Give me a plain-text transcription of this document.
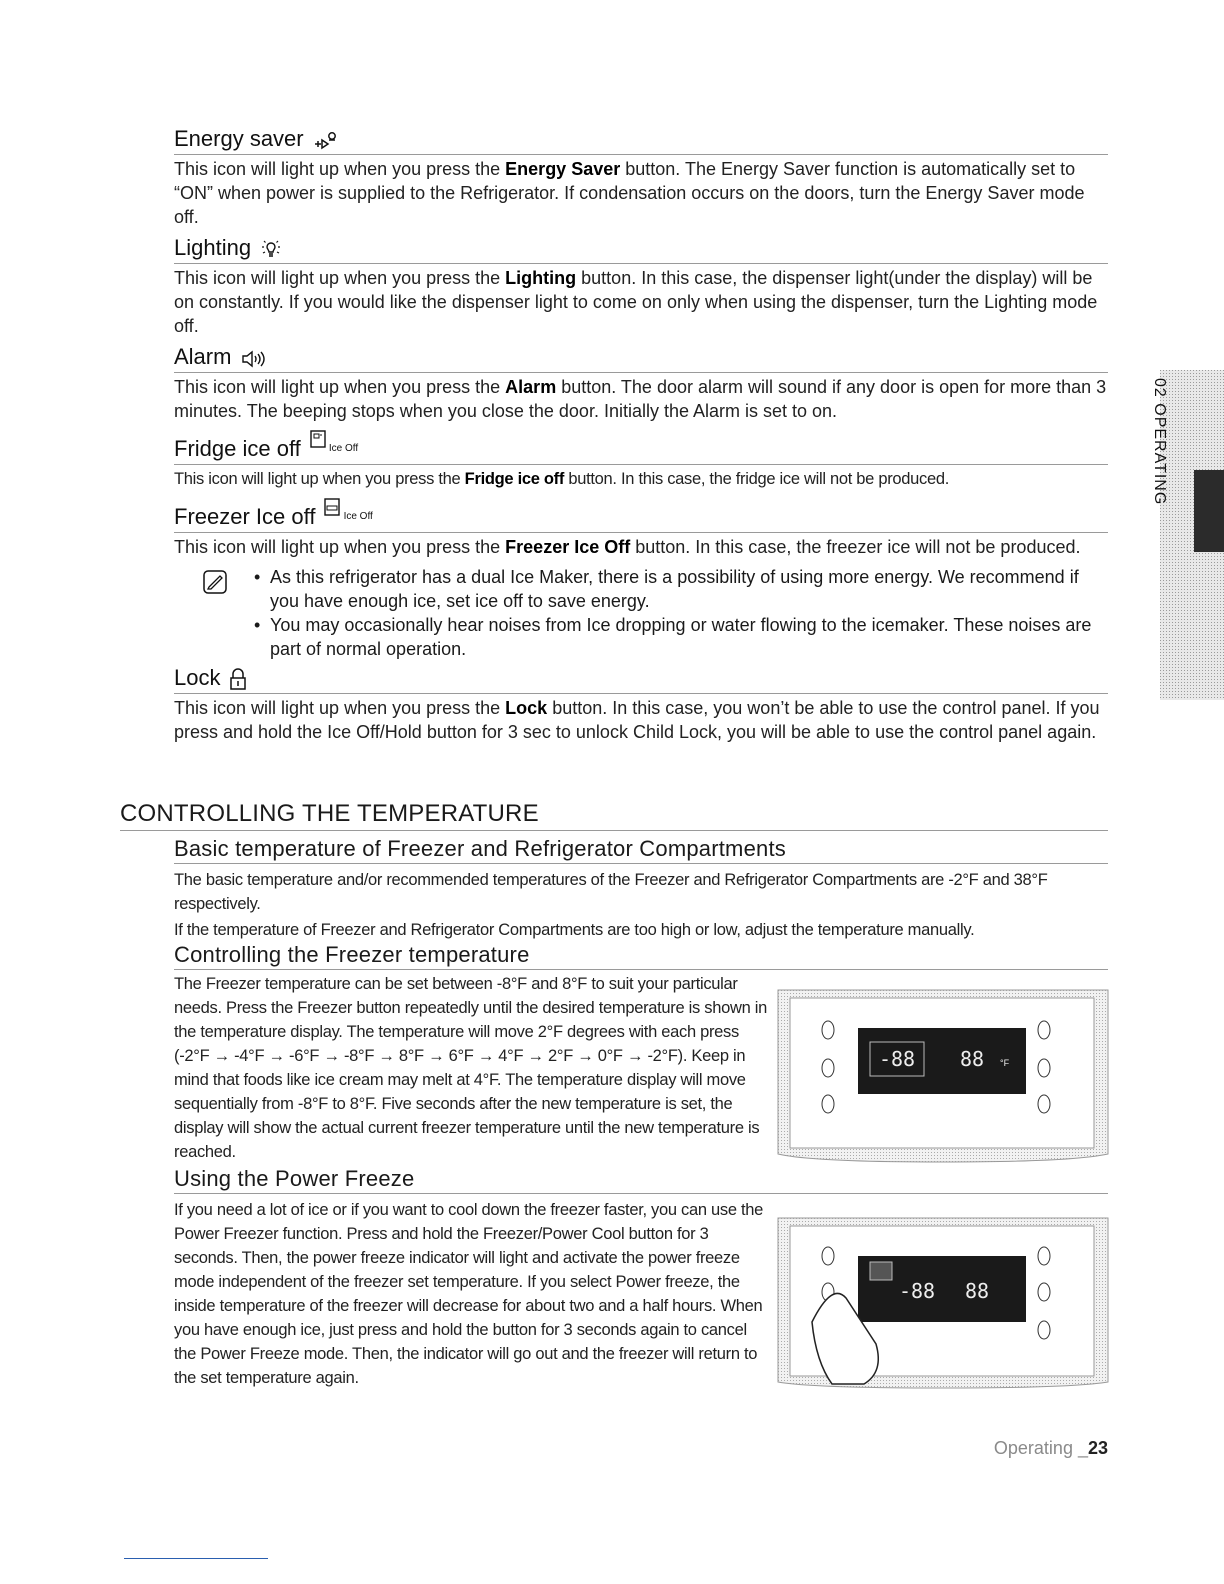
02 OPERATING
Energy saver

This icon will light up when you press the Energy Saver button. The Energy Saver function is automatically set to “ON” when power is supplied to the Refrigerator. If condensation occurs on the doors, turn the Energy Saver mode off.

Lighting

This icon will light up when you press the Lighting button. In this case, the dispenser light(under the display) will be on constantly. If you would like the dispenser light to come on only when using the dispenser, turn the Lighting mode off.

Alarm

This icon will light up when you press the Alarm button. The door alarm will sound if any door is open for more than 3 minutes. The beeping stops when you close the door. Initially the Alarm is set to on.

Fridge ice off	Ice Off

This icon will light up when you press the Fridge ice off button. In this case, the fridge ice will not be produced.

Freezer Ice off	Ice Off

This icon will light up when you press the Freezer Ice Off button. In this case, the freezer ice will not be produced.

• As this refrigerator has a dual Ice Maker, there is a possibility of using more energy. We recommend if you have enough ice, set ice off to save energy.
• You may occasionally hear noises from Ice dropping or water flowing to the icemaker. These noises are part of normal operation.
Lock

This icon will light up when you press the Lock button. In this case, you won’t be able to use the control panel. If you press and hold the Ice Off/Hold button for 3 sec to unlock Child Lock, you will be able to use the control panel again.

CONTROLLING THE TEMPERATURE
Basic temperature of Freezer and Refrigerator Compartments

The basic temperature and/or recommended temperatures of the Freezer and Refrigerator Compartments are -2°F and 38°F respectively.

If the temperature of Freezer and Refrigerator Compartments are too high or low, adjust the temperature manually.

Controlling the Freezer temperature

The Freezer temperature can be set between -8°F and 8°F to suit your particular needs. Press the Freezer button repeatedly until the desired temperature is shown in the temperature display. The temperature will move 2°F degrees with each press (-2°F → -4°F → -6°F → -8°F → 8°F → 6°F → 4°F → 2°F → 0°F → -2°F). Keep in mind that foods like ice cream may melt at 4°F. The temperature display will move sequentially from -8°F to 8°F. Five seconds after the new temperature is set, the display will show the actual current freezer temperature until the new temperature is reached.

Using the Power Freeze

If you need a lot of ice or if you want to cool down the freezer faster, you can use the Power Freezer function. Press and hold the Freezer/Power Cool button for 3 seconds. Then, the power freeze indicator will light and activate the power freeze mode independent of the freezer set temperature. If you select Power freeze, the inside temperature of the freezer will decrease for about two and a half hours. When you have enough ice, just press and hold the button for 3 seconds again to cancel the Power Freeze mode. Then, the indicator will go out and the freezer will return to the set temperature again.

-88 88 °F
-88 88
Operating _23
